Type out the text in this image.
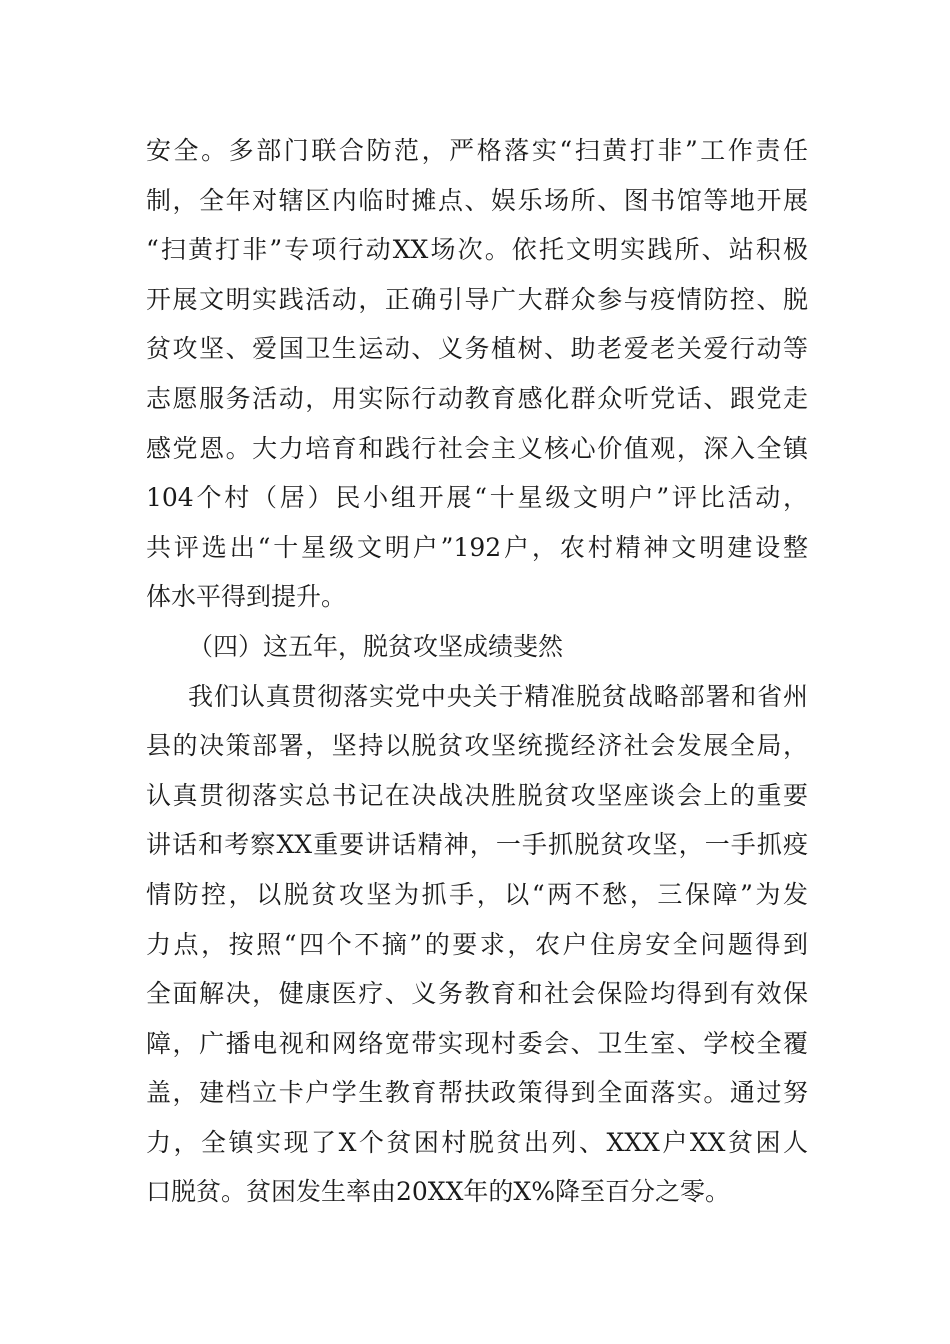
安全。多部门联合防范，严格落实“扫黄打非”工作责任
制，全年对辖区内临时摊点、娱乐场所、图书馆等地开展
“扫黄打非”专项行动XX场次。依托文明实践所、站积极
开展文明实践活动，正确引导广大群众参与疫情防控、脱
贫攻坚、爱国卫生运动、义务植树、助老爱老关爱行动等
志愿服务活动，用实际行动教育感化群众听党话、跟党走
感党恩。大力培育和践行社会主义核心价值观，深入全镇
104个村（居）民小组开展“十星级文明户”评比活动，
共评选出“十星级文明户”192户，农村精神文明建设整
体水平得到提升。
（四）这五年，脱贫攻坚成绩斐然
我们认真贯彻落实党中央关于精准脱贫战略部署和省州
县的决策部署，坚持以脱贫攻坚统揽经济社会发展全局，
认真贯彻落实总书记在决战决胜脱贫攻坚座谈会上的重要
讲话和考察XX重要讲话精神，一手抓脱贫攻坚，一手抓疫
情防控，以脱贫攻坚为抓手，以“两不愁，三保障”为发
力点，按照“四个不摘”的要求，农户住房安全问题得到
全面解决，健康医疗、义务教育和社会保险均得到有效保
障，广播电视和网络宽带实现村委会、卫生室、学校全覆
盖，建档立卡户学生教育帮扶政策得到全面落实。通过努
力，全镇实现了X个贫困村脱贫出列、XXX户XX贫困人
口脱贫。贫困发生率由20XX年的X%降至百分之零。
